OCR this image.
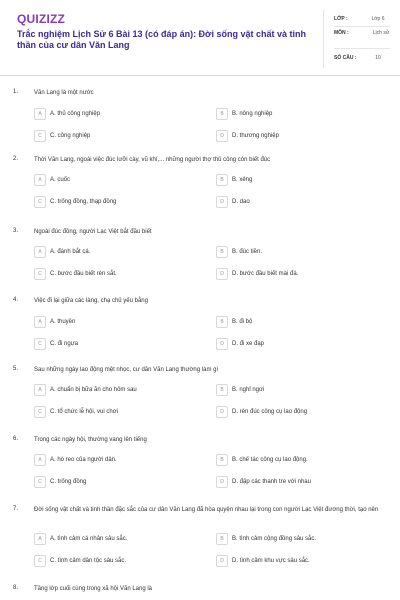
QUIZIZZ
Trắc nghiệm Lịch Sử 6 Bài 13 (có đáp án): Đời sống vật chất và tinh thần của cư dân Văn Lang
LỚP :	Lớp 6
MÔN :	Lịch sử
SỐ CÂU :	10
1.	Văn Lang là một nước
A	A. thủ công nghiệp	B	B. nông nghiệp
C	C. công nghiệp	D	D. thương nghiệp
2.	Thời Văn Lang, ngoài việc đúc lưỡi cày, vũ khí,... những người thợ thủ công còn biết đúc
A	A. cuốc	B	B. xẻng
C	C. trống đồng, thạp đồng	D	D. dao
3.	Ngoài đúc đồng, người Lạc Việt bắt đầu biết
A	A. đánh bắt cá.	B	B. đúc tiền.
C	C. bước đầu biết rèn sắt.	D	D. bước đầu biết mài đá.
4.	Việc đi lại giữa các làng, chạ chủ yếu bằng
A	A. thuyền	B	B. đi bộ
C	C. đi ngựa	D	D. đi xe đạp
5.	Sau những ngày lao động mệt nhọc, cư dân Văn Lang thường làm gì
A	A. chuẩn bị bữa ăn cho hôm sau	B	B. nghỉ ngơi
C	C. tổ chức lễ hội, vui chơi	D	D. rèn đúc công cụ lao động
6.	Trong các ngày hội, thường vang lên tiếng
A	A. hò reo của người dân.	B	B. chế tác công cụ lao động.
C	C. trống đồng	D	D. đập các thanh tre với nhau
7.	Đời sống vật chất và tinh thần đặc sắc của cư dân Văn Lang đã hòa quyện nhau lại trong con người Lạc Việt đương thời, tạo nên
A	A. tình cảm cá nhân sâu sắc.	B	B. tình cảm cộng đồng sâu sắc.
C	C. tình cảm dân tộc sâu sắc.	D	D. tình cảm khu vực sâu sắc.
8.	Tầng lớp cuối cùng trong xã hội Văn Lang là
